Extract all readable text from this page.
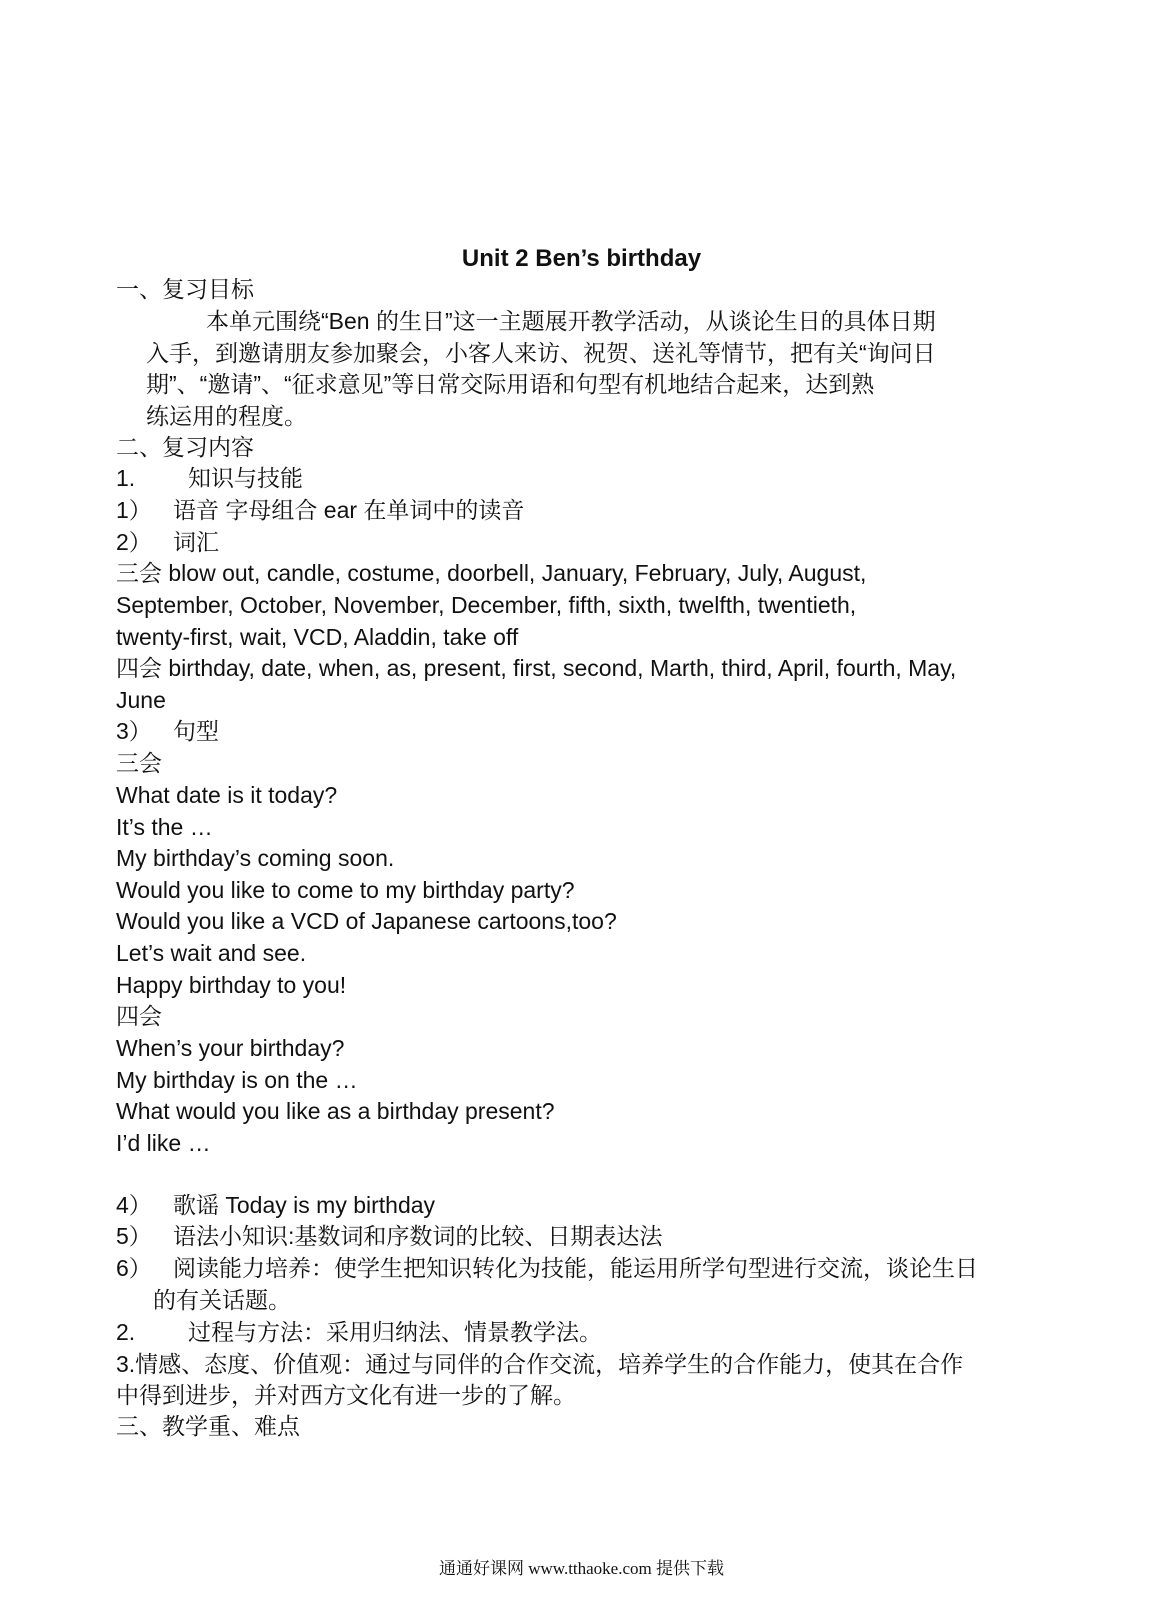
Unit 2 Ben’s birthday
一、复习目标
本单元围绕“Ben 的生日”这一主题展开教学活动，从谈论生日的具体日期
入手，到邀请朋友参加聚会，小客人来访、祝贺、送礼等情节，把有关“询问日
期”、“邀请”、“征求意见”等日常交际用语和句型有机地结合起来，达到熟
练运用的程度。
二、复习内容
1. 知识与技能
1） 语音 字母组合 ear 在单词中的读音
2） 词汇
三会 blow out, candle, costume, doorbell, January, February, July, August,
September, October, November, December, fifth, sixth, twelfth, twentieth,
twenty-first, wait, VCD, Aladdin, take off
四会 birthday, date, when, as, present, first, second, Marth, third, April, fourth, May,
June
3） 句型
三会
What date is it today?
It’s the …
My birthday’s coming soon.
Would you like to come to my birthday party?
Would you like a VCD of Japanese cartoons,too?
Let’s wait and see.
Happy birthday to you!
四会
When’s your birthday?
My birthday is on the …
What would you like as a birthday present?
I’d like …
4） 歌谣 Today is my birthday
5） 语法小知识:基数词和序数词的比较、日期表达法
6） 阅读能力培养：使学生把知识转化为技能，能运用所学句型进行交流，谈论生日
的有关话题。
2. 过程与方法：采用归纳法、情景教学法。
3.情感、态度、价值观：通过与同伴的合作交流，培养学生的合作能力，使其在合作
中得到进步，并对西方文化有进一步的了解。
三、教学重、难点
通通好课网 www.tthaoke.com 提供下载
